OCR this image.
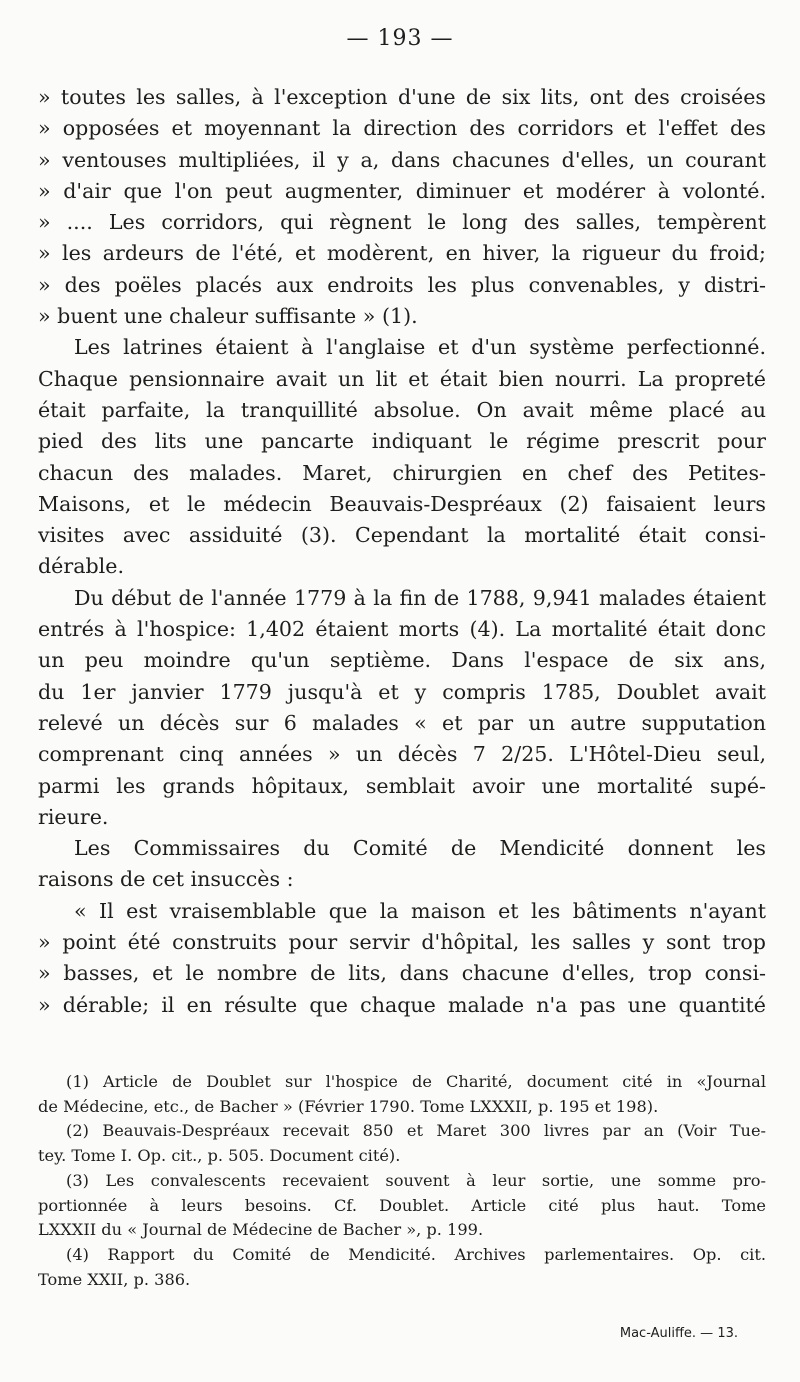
— 193 —

» toutes les salles, à l'exception d'une de six lits, ont des croisées
» opposées et moyennant la direction des corridors et l'effet des
» ventouses multipliées, il y a, dans chacunes d'elles, un courant
» d'air que l'on peut augmenter, diminuer et modérer à volonté.
» .... Les corridors, qui règnent le long des salles, tempèrent
» les ardeurs de l'été, et modèrent, en hiver, la rigueur du froid;
» des poëles placés aux endroits les plus convenables, y distri-
» buent une chaleur suffisante » (1).

Les latrines étaient à l'anglaise et d'un système perfectionné.
Chaque pensionnaire avait un lit et était bien nourri. La propreté
était parfaite, la tranquillité absolue. On avait même placé au
pied des lits une pancarte indiquant le régime prescrit pour
chacun des malades. Maret, chirurgien en chef des Petites-
Maisons, et le médecin Beauvais-Despréaux (2) faisaient leurs
visites avec assiduité (3). Cependant la mortalité était consi-
dérable.

Du début de l'année 1779 à la fin de 1788, 9,941 malades étaient
entrés à l'hospice: 1,402 étaient morts (4). La mortalité était donc
un peu moindre qu'un septième. Dans l'espace de six ans,
du 1er janvier 1779 jusqu'à et y compris 1785, Doublet avait
relevé un décès sur 6 malades « et par un autre supputation
comprenant cinq années » un décès 7 2/25. L'Hôtel-Dieu seul,
parmi les grands hôpitaux, semblait avoir une mortalité supé-
rieure.

Les Commissaires du Comité de Mendicité donnent les
raisons de cet insuccès :

« Il est vraisemblable que la maison et les bâtiments n'ayant
» point été construits pour servir d'hôpital, les salles y sont trop
» basses, et le nombre de lits, dans chacune d'elles, trop consi-
» dérable; il en résulte que chaque malade n'a pas une quantité

(1) Article de Doublet sur l'hospice de Charité, document cité in «Journal
de Médecine, etc., de Bacher » (Février 1790. Tome LXXXII, p. 195 et 198).

(2) Beauvais-Despréaux recevait 850 et Maret 300 livres par an (Voir Tue-
tey. Tome I. Op. cit., p. 505. Document cité).

(3) Les convalescents recevaient souvent à leur sortie, une somme pro-
portionnée à leurs besoins. Cf. Doublet. Article cité plus haut. Tome
LXXXII du « Journal de Médecine de Bacher », p. 199.

(4) Rapport du Comité de Mendicité. Archives parlementaires. Op. cit.
Tome XXII, p. 386.

Mac-Auliffe. — 13.
